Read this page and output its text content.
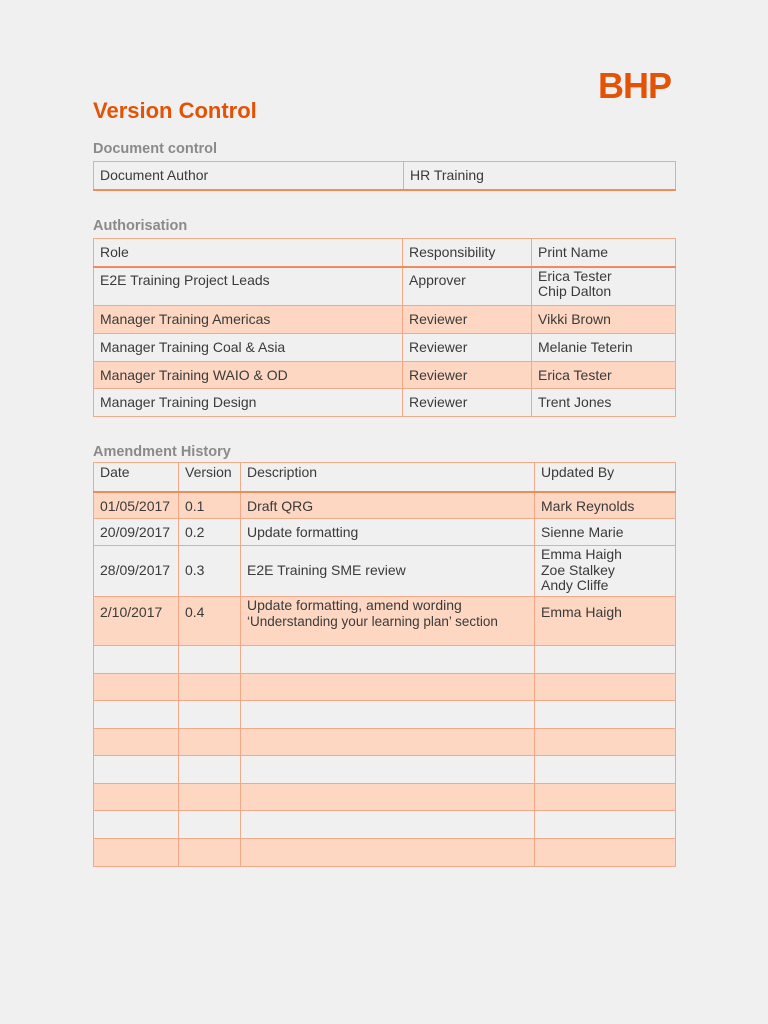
BHP
Version Control
Document control
Document Author	HR Training
Authorisation
Role	Responsibility	Print Name
E2E Training Project Leads	Approver	Erica Tester
Chip Dalton

Manager Training Americas	Reviewer	Vikki Brown
Manager Training Coal & Asia	Reviewer	Melanie Teterin
Manager Training WAIO & OD	Reviewer	Erica Tester
Manager Training Design	Reviewer	Trent Jones
Amendment History
Date	Version	Description	Updated By
01/05/2017	0.1	Draft QRG	Mark Reynolds
20/09/2017	0.2	Update formatting	Sienne Marie
28/09/2017	0.3	E2E Training SME review	Emma Haigh
Zoe Stalkey
Andy Cliffe

2/10/2017	0.4	Update formatting, amend wording
‘Understanding your learning plan’ section	Emma Haigh
